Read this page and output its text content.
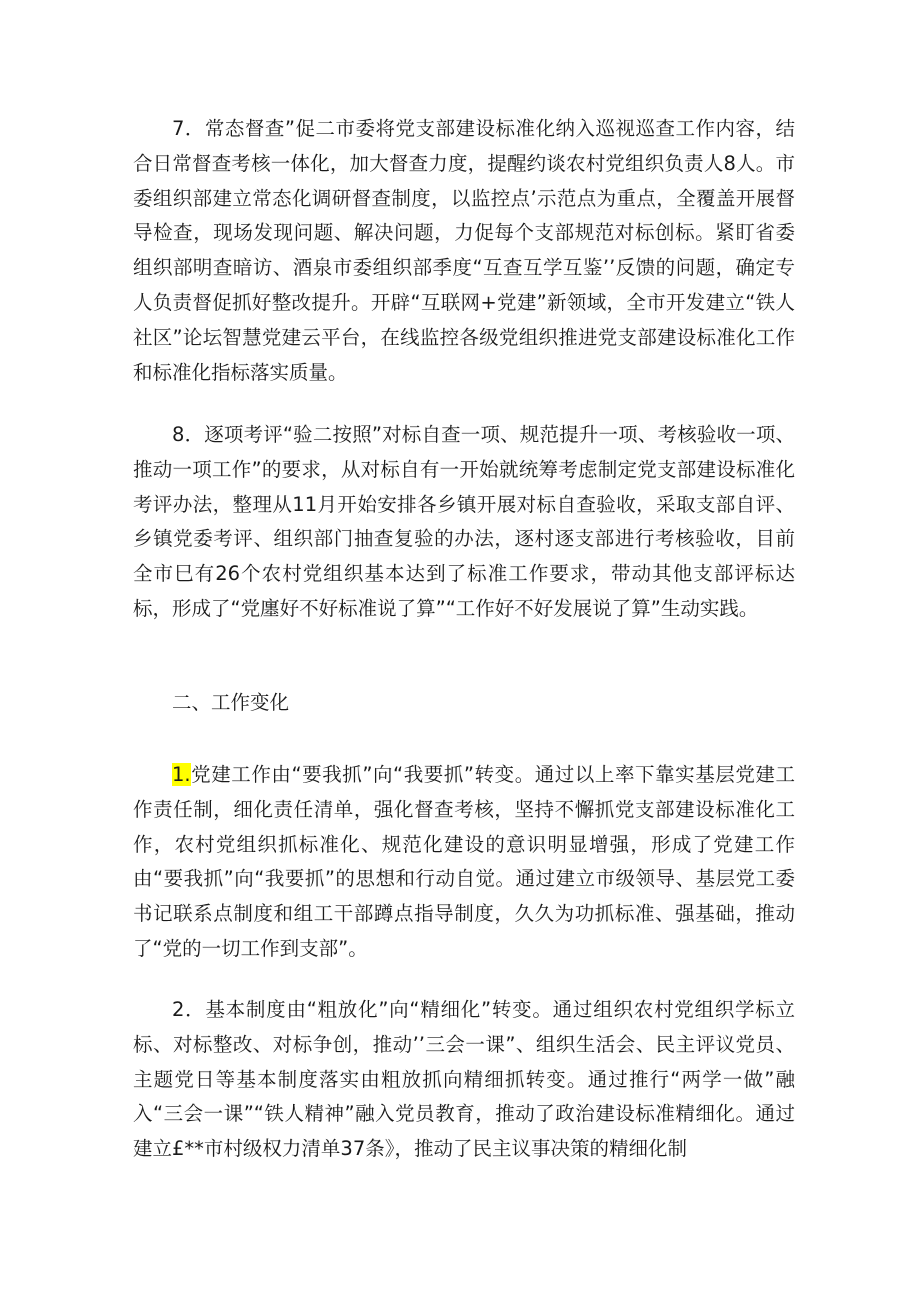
7．常态督查”促二市委将党支部建设标准化纳入巡视巡查工作内容，结合日常督查考核一体化，加大督查力度，提醒约谈农村党组织负责人8人。市委组织部建立常态化调研督查制度，以监控点’示范点为重点，全覆盖开展督导检查，现场发现问题、解决问题，力促每个支部规范对标创标。紧盯省委组织部明查暗访、酒泉市委组织部季度“互查互学互鉴’’反馈的问题，确定专人负责督促抓好整改提升。开辟“互联网+党建”新领域，全市开发建立“铁人社区”论坛智慧党建云平台，在线监控各级党组织推进党支部建设标准化工作和标准化指标落实质量。

8．逐项考评“验二按照”对标自查一项、规范提升一项、考核验收一项、推动一项工作”的要求，从对标自有一开始就统筹考虑制定党支部建设标准化考评办法，整理从11月开始安排各乡镇开展对标自查验收，采取支部自评、乡镇党委考评、组织部门抽查复验的办法，逐村逐支部进行考核验收，目前全市巳有26个农村党组织基本达到了标准工作要求，带动其他支部评标达标，形成了“党廛好不好标准说了算”“工作好不好发展说了算”生动实践。

二、工作变化

1.党建工作由“要我抓”向“我要抓”转变。通过以上率下靠实基层党建工作责任制，细化责任清单，强化督查考核，坚持不懈抓党支部建设标准化工作，农村党组织抓标准化、规范化建设的意识明显增强，形成了党建工作由“要我抓”向“我要抓”的思想和行动自觉。通过建立市级领导、基层党工委书记联系点制度和组工干部蹲点指导制度，久久为功抓标准、强基础，推动了“党的一切工作到支部”。

2．基本制度由“粗放化”向“精细化”转变。通过组织农村党组织学标立标、对标整改、对标争创，推动’’三会一课”、组织生活会、民主评议党员、主题党日等基本制度落实由粗放抓向精细抓转变。通过推行“两学一做”融入“三会一课”“铁人精神”融入党员教育，推动了政治建设标准精细化。通过建立£**市村级权力清单37条》，推动了民主议事决策的精细化制
